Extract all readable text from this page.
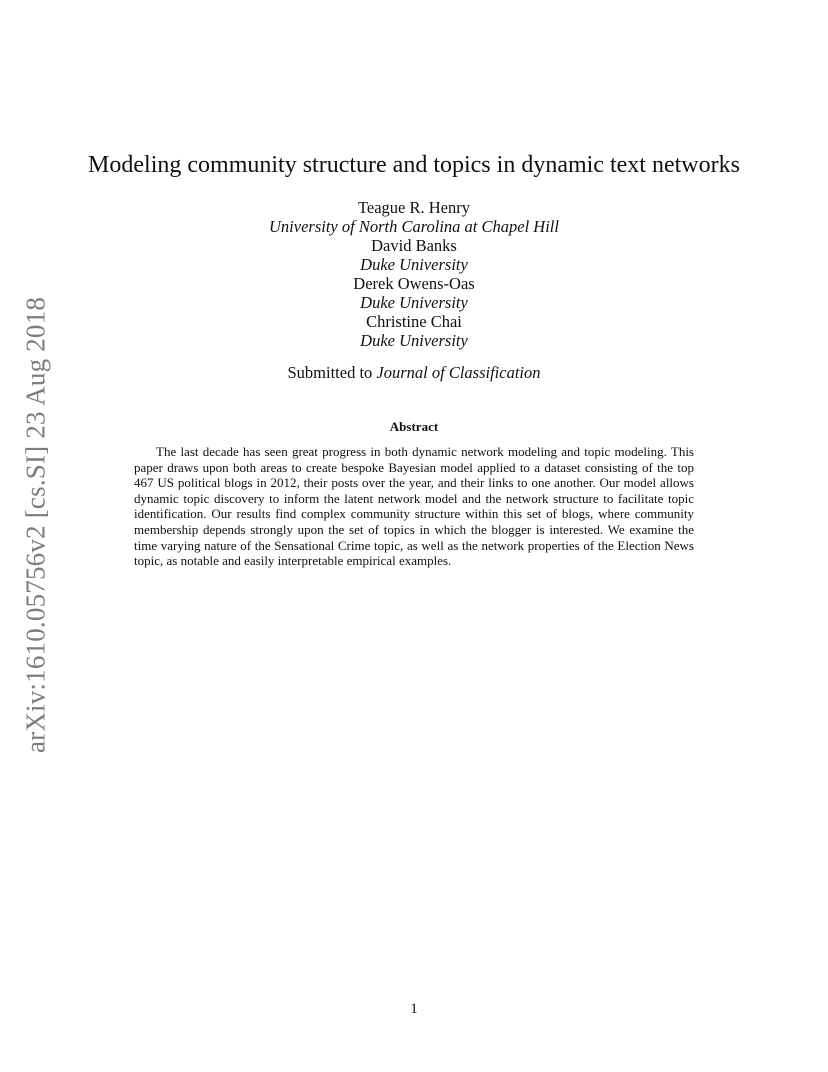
arXiv:1610.05756v2 [cs.SI] 23 Aug 2018
Modeling community structure and topics in dynamic text networks
Teague R. Henry
University of North Carolina at Chapel Hill
David Banks
Duke University
Derek Owens-Oas
Duke University
Christine Chai
Duke University
Submitted to Journal of Classification
Abstract

The last decade has seen great progress in both dynamic network modeling and topic modeling. This paper draws upon both areas to create bespoke Bayesian model applied to a dataset consisting of the top 467 US political blogs in 2012, their posts over the year, and their links to one another. Our model allows dynamic topic discovery to inform the latent network model and the network structure to facilitate topic identification. Our results find complex community structure within this set of blogs, where community membership depends strongly upon the set of topics in which the blogger is interested. We examine the time varying nature of the Sensational Crime topic, as well as the network properties of the Election News topic, as notable and easily interpretable empirical examples.

1
